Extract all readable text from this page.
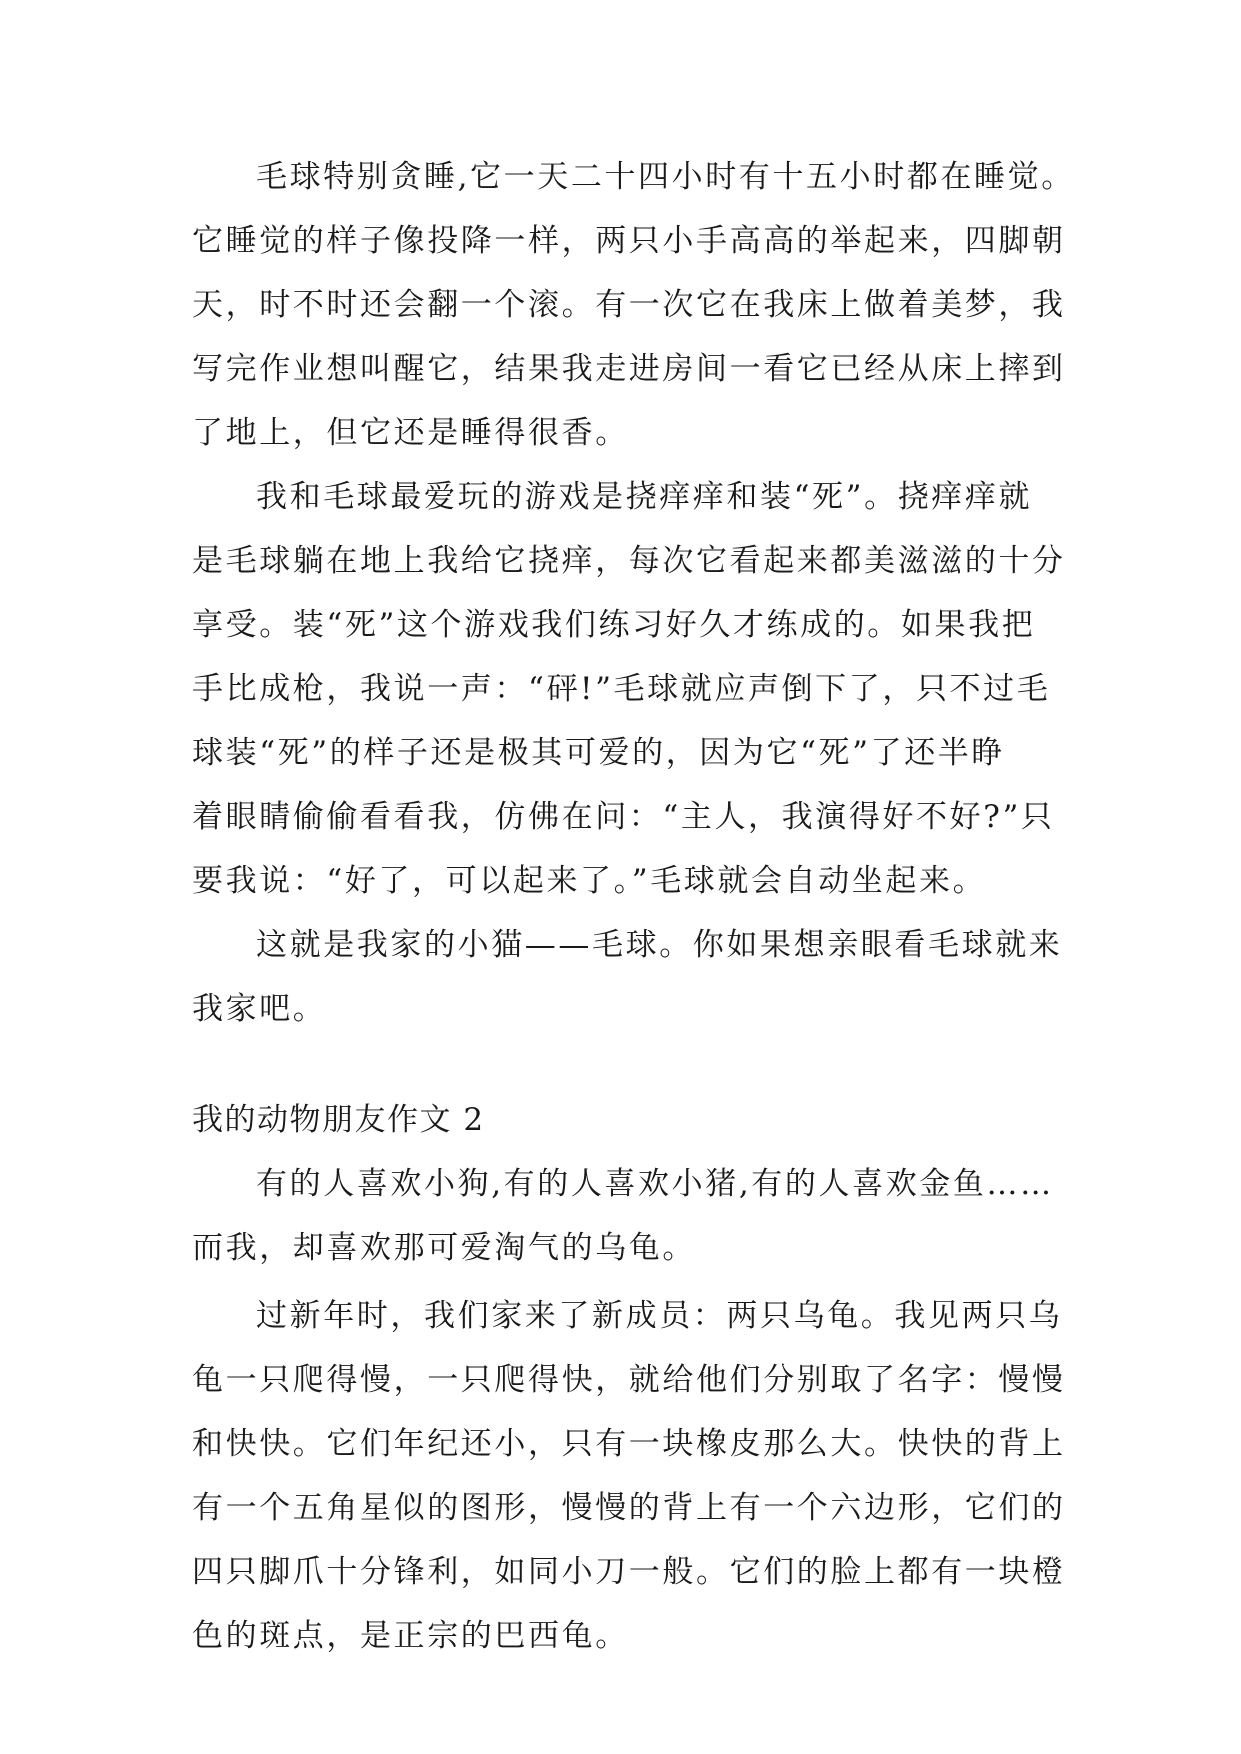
毛球特别贪睡,它一天二十四小时有十五小时都在睡觉。
它睡觉的样子像投降一样，两只小手高高的举起来，四脚朝
天，时不时还会翻一个滚。有一次它在我床上做着美梦，我
写完作业想叫醒它，结果我走进房间一看它已经从床上摔到
了地上，但它还是睡得很香。
我和毛球最爱玩的游戏是挠痒痒和装“死”。挠痒痒就
是毛球躺在地上我给它挠痒，每次它看起来都美滋滋的十分
享受。装“死”这个游戏我们练习好久才练成的。如果我把
手比成枪，我说一声：“砰!”毛球就应声倒下了，只不过毛
球装“死”的样子还是极其可爱的，因为它“死”了还半睁
着眼睛偷偷看看我，仿佛在问：“主人，我演得好不好?”只
要我说：“好了，可以起来了。”毛球就会自动坐起来。
这就是我家的小猫——毛球。你如果想亲眼看毛球就来
我家吧。
我的动物朋友作文 2
有的人喜欢小狗,有的人喜欢小猪,有的人喜欢金鱼……
而我，却喜欢那可爱淘气的乌龟。
过新年时，我们家来了新成员：两只乌龟。我见两只乌
龟一只爬得慢，一只爬得快，就给他们分别取了名字：慢慢
和快快。它们年纪还小，只有一块橡皮那么大。快快的背上
有一个五角星似的图形，慢慢的背上有一个六边形，它们的
四只脚爪十分锋利，如同小刀一般。它们的脸上都有一块橙
色的斑点，是正宗的巴西龟。
